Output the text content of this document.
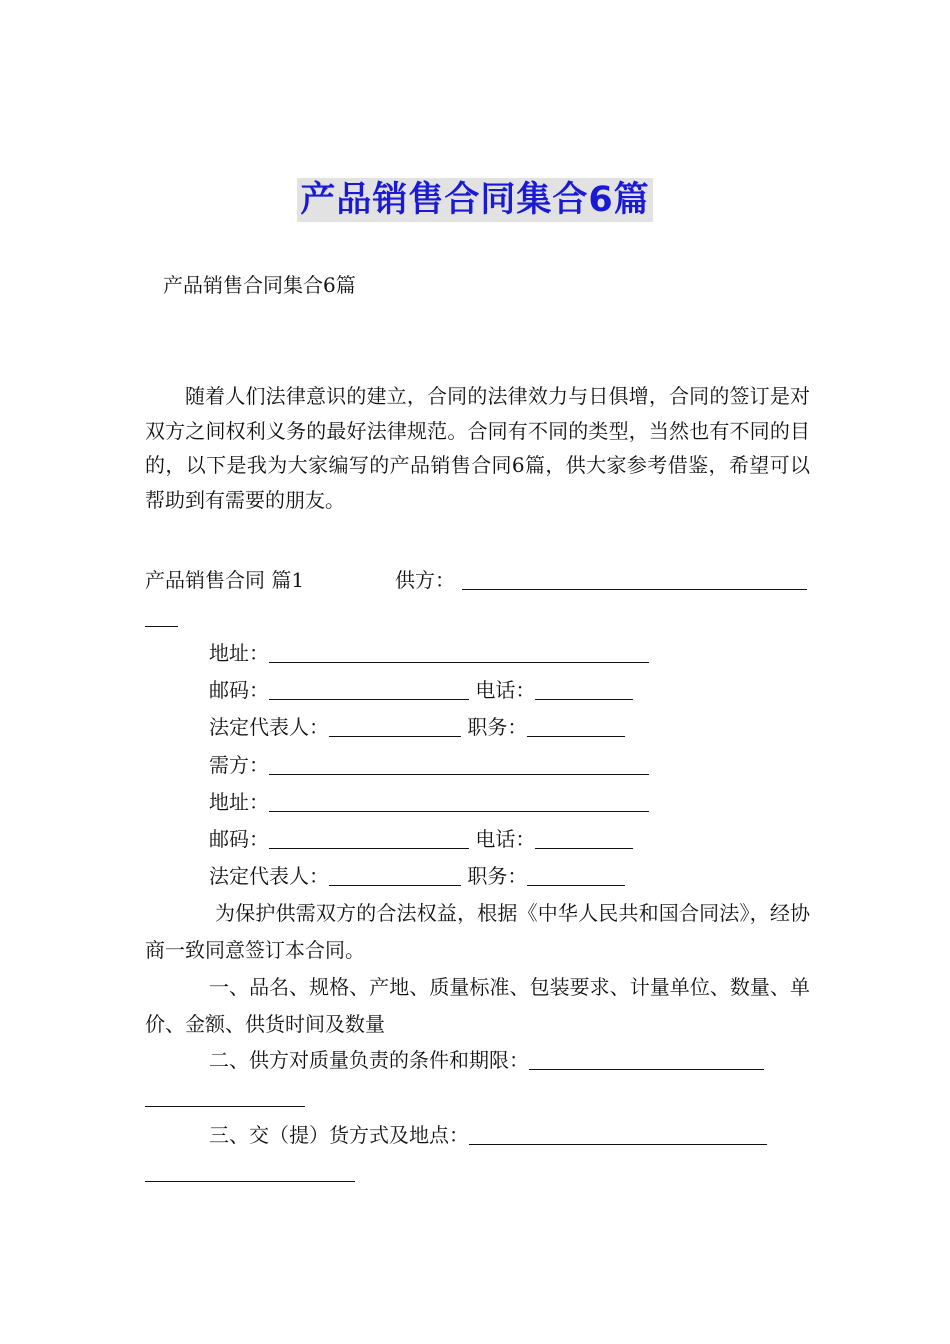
产品销售合同集合6篇
产品销售合同集合6篇

随着人们法律意识的建立，合同的法律效力与日俱增，合同的签订是对双方之间权利义务的最好法律规范。合同有不同的类型，当然也有不同的目的，以下是我为大家编写的产品销售合同6篇，供大家参考借鉴，希望可以帮助到有需要的朋友。

产品销售合同 篇1	供方：
地址：
邮码：	电话：
法定代表人：	职务：
需方：
地址：
邮码：	电话：
法定代表人：	职务：

为保护供需双方的合法权益，根据《中华人民共和国合同法》，经协商一致同意签订本合同。

一、品名、规格、产地、质量标准、包装要求、计量单位、数量、单价、金额、供货时间及数量

二、供方对质量负责的条件和期限：
三、交（提）货方式及地点：
